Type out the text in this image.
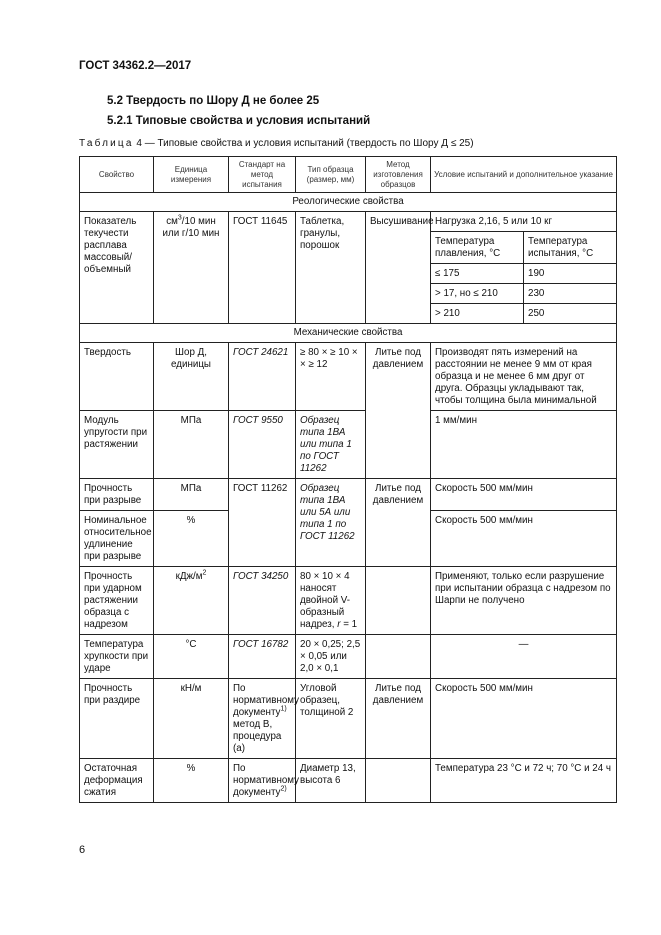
ГОСТ 34362.2—2017
5.2 Твердость по Шору Д не более 25
5.2.1 Типовые свойства и условия испытаний
Таблица 4 — Типовые свойства и условия испытаний (твердость по Шору Д ≤ 25)
Свойство	Единица измерения	Стандарт на метод испытания	Тип образца (размер, мм)	Метод изготовления образцов	Условие испытаний и дополнительное указание	
Реологические свойства						
Показатель текучести расплава массовый/объемный	$см^3/10$ мин или г/10 мин	ГОСТ 11645	Таблетка, гранулы, порошок	Высушивание	Нагрузка 2,16, 5 или 10 кг	
					Температура плавления, °С	Температура испытания, °С
					≤ 175	190
					> 17, но ≤ 210	230
					> 210	250
Механические свойства						
Твердость	Шор Д, единицы	ГОСТ 24621	≥ 80 × ≥ 10 × × ≥ 12	Литье под давлением	Производят пять измерений на расстоянии не менее 9 мм от края образца и не менее 6 мм друг от друга. Образцы укладывают так, чтобы толщина была минимальной	
Модуль упругости при растяжении	МПа	ГОСТ 9550	Образец типа 1ВА или типа 1 по ГОСТ 11262		1 мм/мин	
Прочность при разрыве	МПа	ГОСТ 11262	Образец типа 1ВА или 5А или типа 1 по ГОСТ 11262	Литье под давлением	Скорость 500 мм/мин	
Номинальное относительное удлинение при разрыве	%				Скорость 500 мм/мин	
Прочность при ударном растяжении образца с надрезом	кДж/$м^2$	ГОСТ 34250	80 × 10 × 4 наносят двойной V-образный надрез, r = 1		Применяют, только если разрушение при испытании образца с надрезом по Шарпи не получено	
Температура хрупкости при ударе	°С	ГОСТ 16782	20 × 0,25; 2,5 × 0,05 или 2,0 × 0,1		—	
Прочность при раздире	кН/м	По нормативному документу$^{1)}$ метод В, процедура (а)	Угловой образец, толщиной 2	Литье под давлением	Скорость 500 мм/мин	
Остаточная деформация сжатия	%	По нормативному документу$^{2)}$	Диаметр 13, высота 6		Температура 23 °С и 72 ч; 70 °С и 24 ч	
6
